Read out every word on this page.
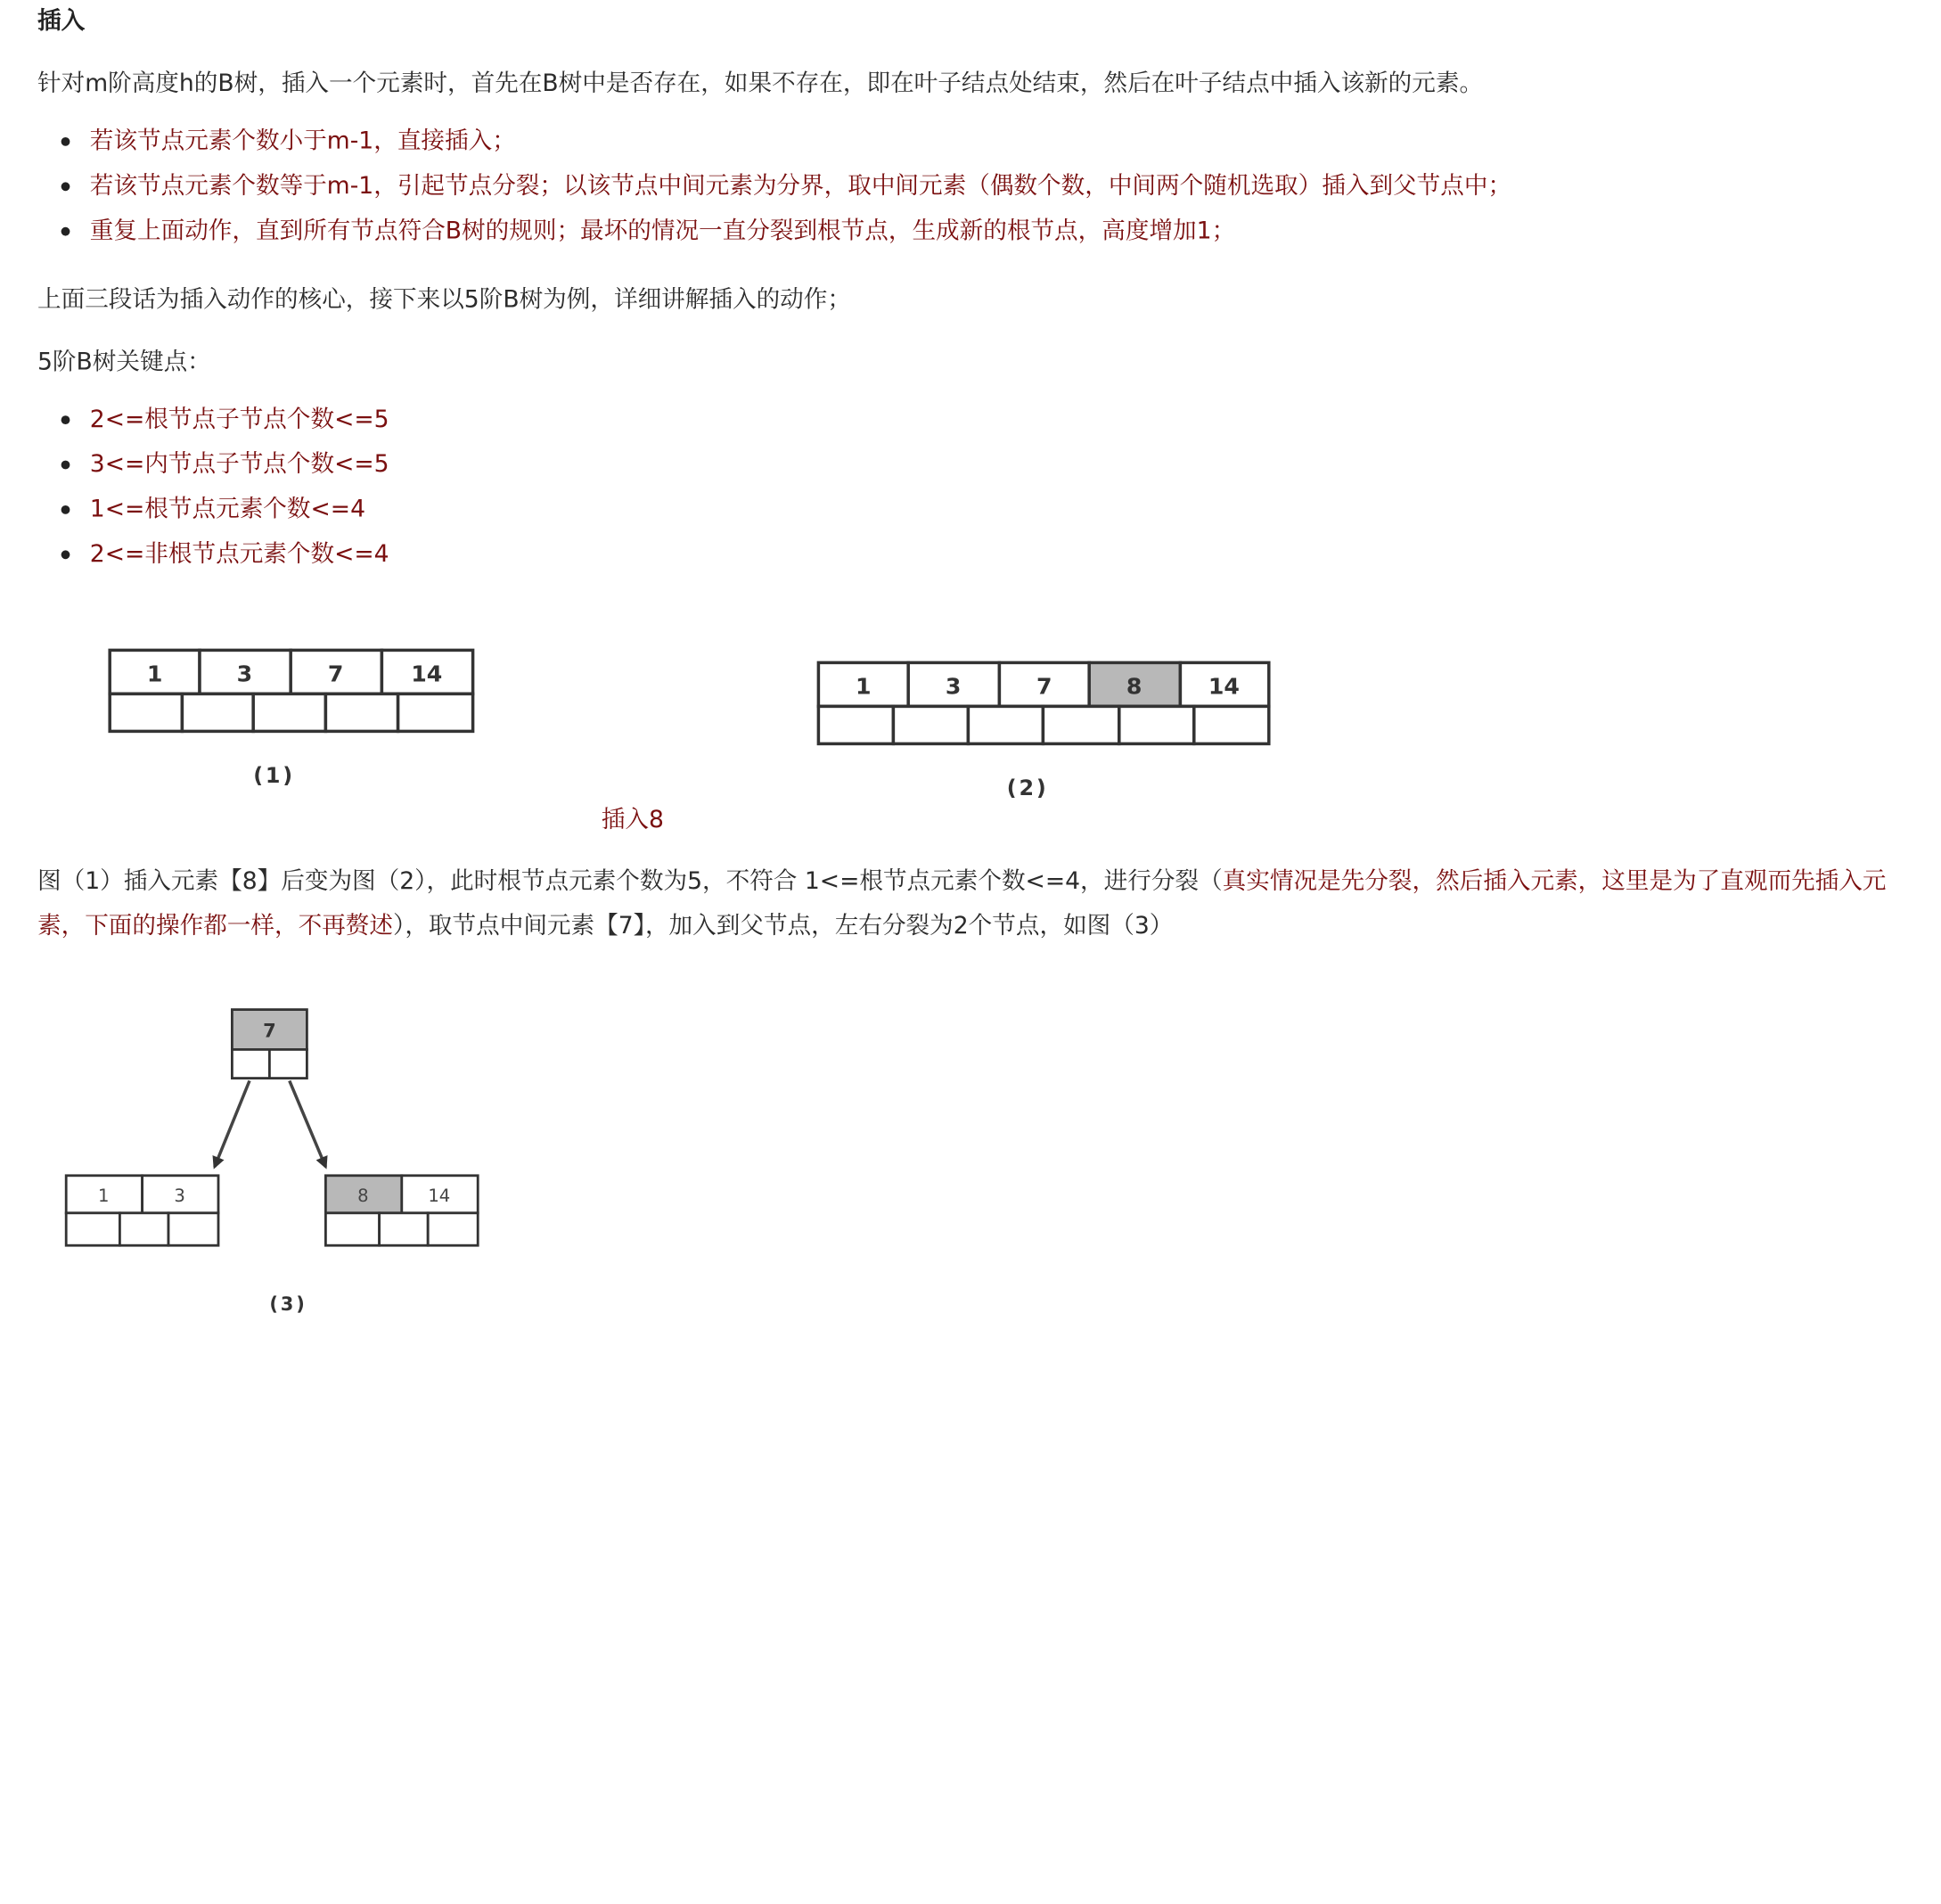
插入
针对m阶高度h的B树，插入一个元素时，首先在B树中是否存在，如果不存在，即在叶子结点处结束，然后在叶子结点中插入该新的元素。
若该节点元素个数小于m-1，直接插入；
若该节点元素个数等于m-1，引起节点分裂；以该节点中间元素为分界，取中间元素（偶数个数，中间两个随机选取）插入到父节点中；
重复上面动作，直到所有节点符合B树的规则；最坏的情况一直分裂到根节点，生成新的根节点，高度增加1；
上面三段话为插入动作的核心，接下来以5阶B树为例，详细讲解插入的动作；
5阶B树关键点：
2<=根节点子节点个数<=5
3<=内节点子节点个数<=5
1<=根节点元素个数<=4
2<=非根节点元素个数<=4
1	3	7	14
(1)
1	3	7	8	14
(2)
插入8
图（1）插入元素【8】后变为图（2），此时根节点元素个数为5，不符合 1<=根节点元素个数<=4，进行分裂（真实情况是先分裂，然后插入元素，这里是为了直观而先插入元素，下面的操作都一样，不再赘述），取节点中间元素【7】，加入到父节点，左右分裂为2个节点，如图（3）
7
1	3	8	14
(3)
